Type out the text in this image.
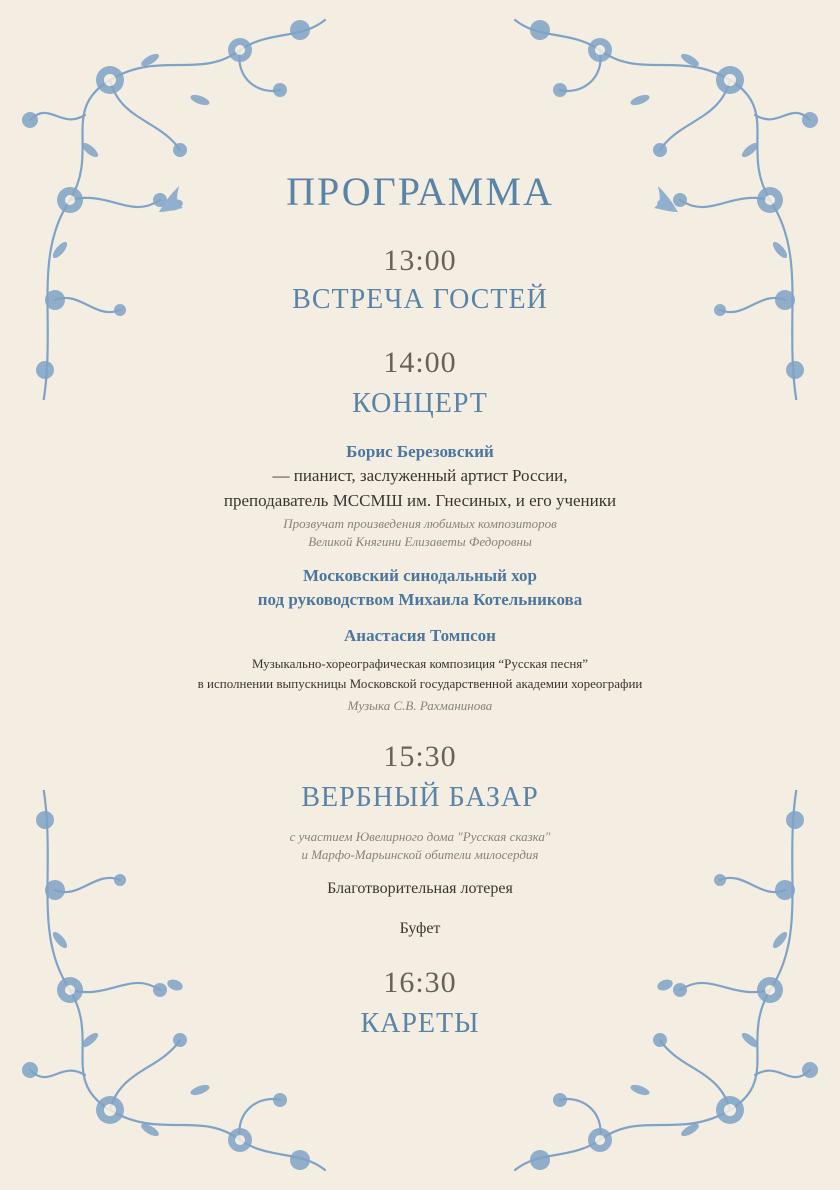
ПРОГРАММА
13:00
ВСТРЕЧА ГОСТЕЙ
14:00
КОНЦЕРТ
Борис Березовский
— пианист, заслуженный артист России,
преподаватель МССМШ им. Гнесиных, и его ученики
Прозвучат произведения любимых композиторов
Великой Княгини Елизаветы Федоровны
Московский синодальный хор
под руководством Михаила Котельникова
Анастасия Томпсон
Музыкально-хореографическая композиция “Русская песня”
в исполнении выпускницы Московской государственной академии хореографии
Музыка С.В. Рахманинова
15:30
ВЕРБНЫЙ БАЗАР
с участием Ювелирного дома "Русская сказка"
и Марфо-Марьинской обители милосердия
Благотворительная лотерея
Буфет
16:30
КАРЕТЫ
